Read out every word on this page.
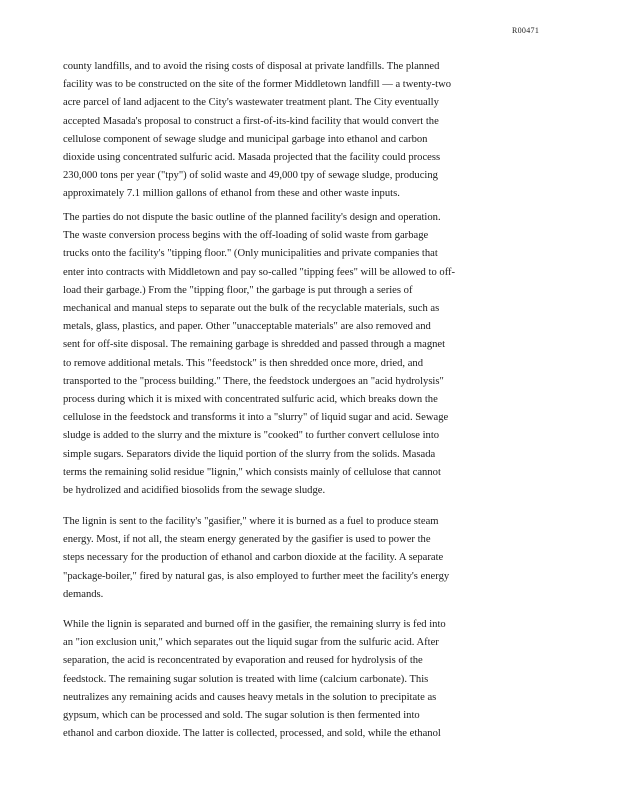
R00471
county landfills, and to avoid the rising costs of disposal at private landfills. The planned
facility was to be constructed on the site of the former Middletown landfill — a twenty-two
acre parcel of land adjacent to the City's wastewater treatment plant. The City eventually
accepted Masada's proposal to construct a first-of-its-kind facility that would convert the
cellulose component of sewage sludge and municipal garbage into ethanol and carbon
dioxide using concentrated sulfuric acid. Masada projected that the facility could process
230,000 tons per year ("tpy") of solid waste and 49,000 tpy of sewage sludge, producing
approximately 7.1 million gallons of ethanol from these and other waste inputs.
The parties do not dispute the basic outline of the planned facility's design and operation.
The waste conversion process begins with the off-loading of solid waste from garbage
trucks onto the facility's "tipping floor." (Only municipalities and private companies that
enter into contracts with Middletown and pay so-called "tipping fees" will be allowed to off-
load their garbage.) From the "tipping floor," the garbage is put through a series of
mechanical and manual steps to separate out the bulk of the recyclable materials, such as
metals, glass, plastics, and paper. Other "unacceptable materials" are also removed and
sent for off-site disposal. The remaining garbage is shredded and passed through a magnet
to remove additional metals. This "feedstock" is then shredded once more, dried, and
transported to the "process building." There, the feedstock undergoes an "acid hydrolysis"
process during which it is mixed with concentrated sulfuric acid, which breaks down the
cellulose in the feedstock and transforms it into a "slurry" of liquid sugar and acid. Sewage
sludge is added to the slurry and the mixture is "cooked" to further convert cellulose into
simple sugars. Separators divide the liquid portion of the slurry from the solids. Masada
terms the remaining solid residue "lignin," which consists mainly of cellulose that cannot
be hydrolized and acidified biosolids from the sewage sludge.
The lignin is sent to the facility's "gasifier," where it is burned as a fuel to produce steam
energy. Most, if not all, the steam energy generated by the gasifier is used to power the
steps necessary for the production of ethanol and carbon dioxide at the facility. A separate
"package-boiler," fired by natural gas, is also employed to further meet the facility's energy
demands.
While the lignin is separated and burned off in the gasifier, the remaining slurry is fed into
an "ion exclusion unit," which separates out the liquid sugar from the sulfuric acid. After
separation, the acid is reconcentrated by evaporation and reused for hydrolysis of the
feedstock. The remaining sugar solution is treated with lime (calcium carbonate). This
neutralizes any remaining acids and causes heavy metals in the solution to precipitate as
gypsum, which can be processed and sold. The sugar solution is then fermented into
ethanol and carbon dioxide. The latter is collected, processed, and sold, while the ethanol
